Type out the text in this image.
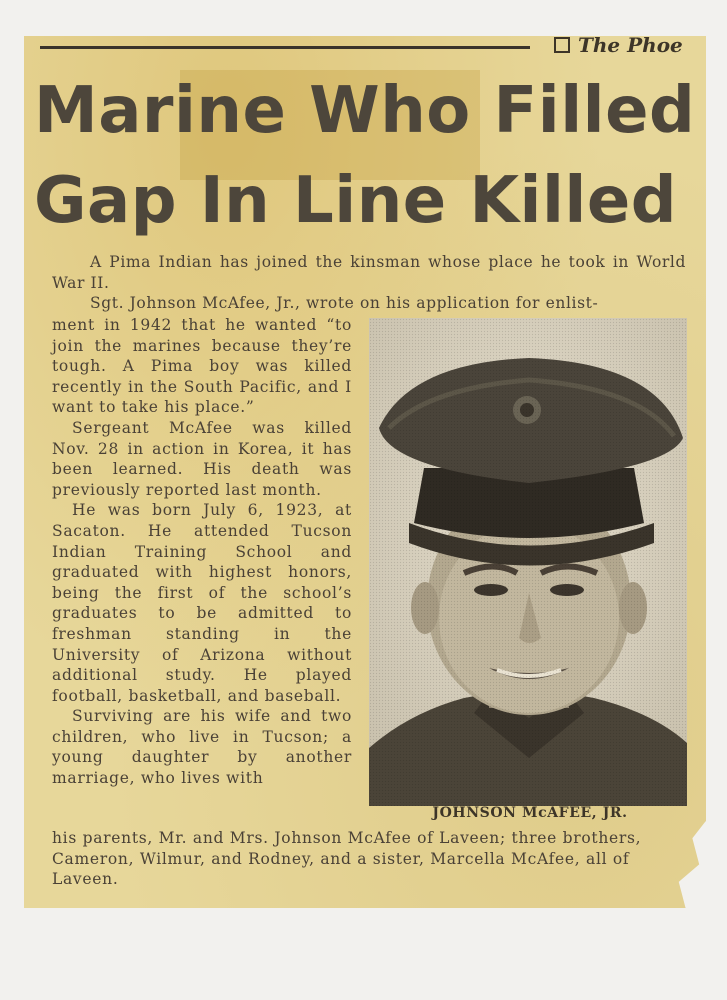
The Phoe
Marine Who Filled
Gap In Line Killed

A Pima Indian has joined the kinsman whose place he took in World War II.

Sgt. Johnson McAfee, Jr., wrote on his application for enlist-

ment in 1942 that he wanted “to join the marines because they’re tough. A Pima boy was killed recently in the South Pacific, and I want to take his place.”

Sergeant McAfee was killed Nov. 28 in action in Korea, it has been learned. His death was previously reported last month.

He was born July 6, 1923, at Sacaton. He attended Tucson Indian Training School and graduated with highest honors, being the first of the school’s graduates to be admitted to freshman standing in the University of Arizona without additional study. He played football, basketball, and baseball.

Surviving are his wife and two children, who live in Tucson; a young daughter by another marriage, who lives with

JOHNSON McAFEE, JR.

his parents, Mr. and Mrs. Johnson McAfee of Laveen; three brothers, Cameron, Wilmur, and Rodney, and a sister, Marcella McAfee, all of Laveen.
